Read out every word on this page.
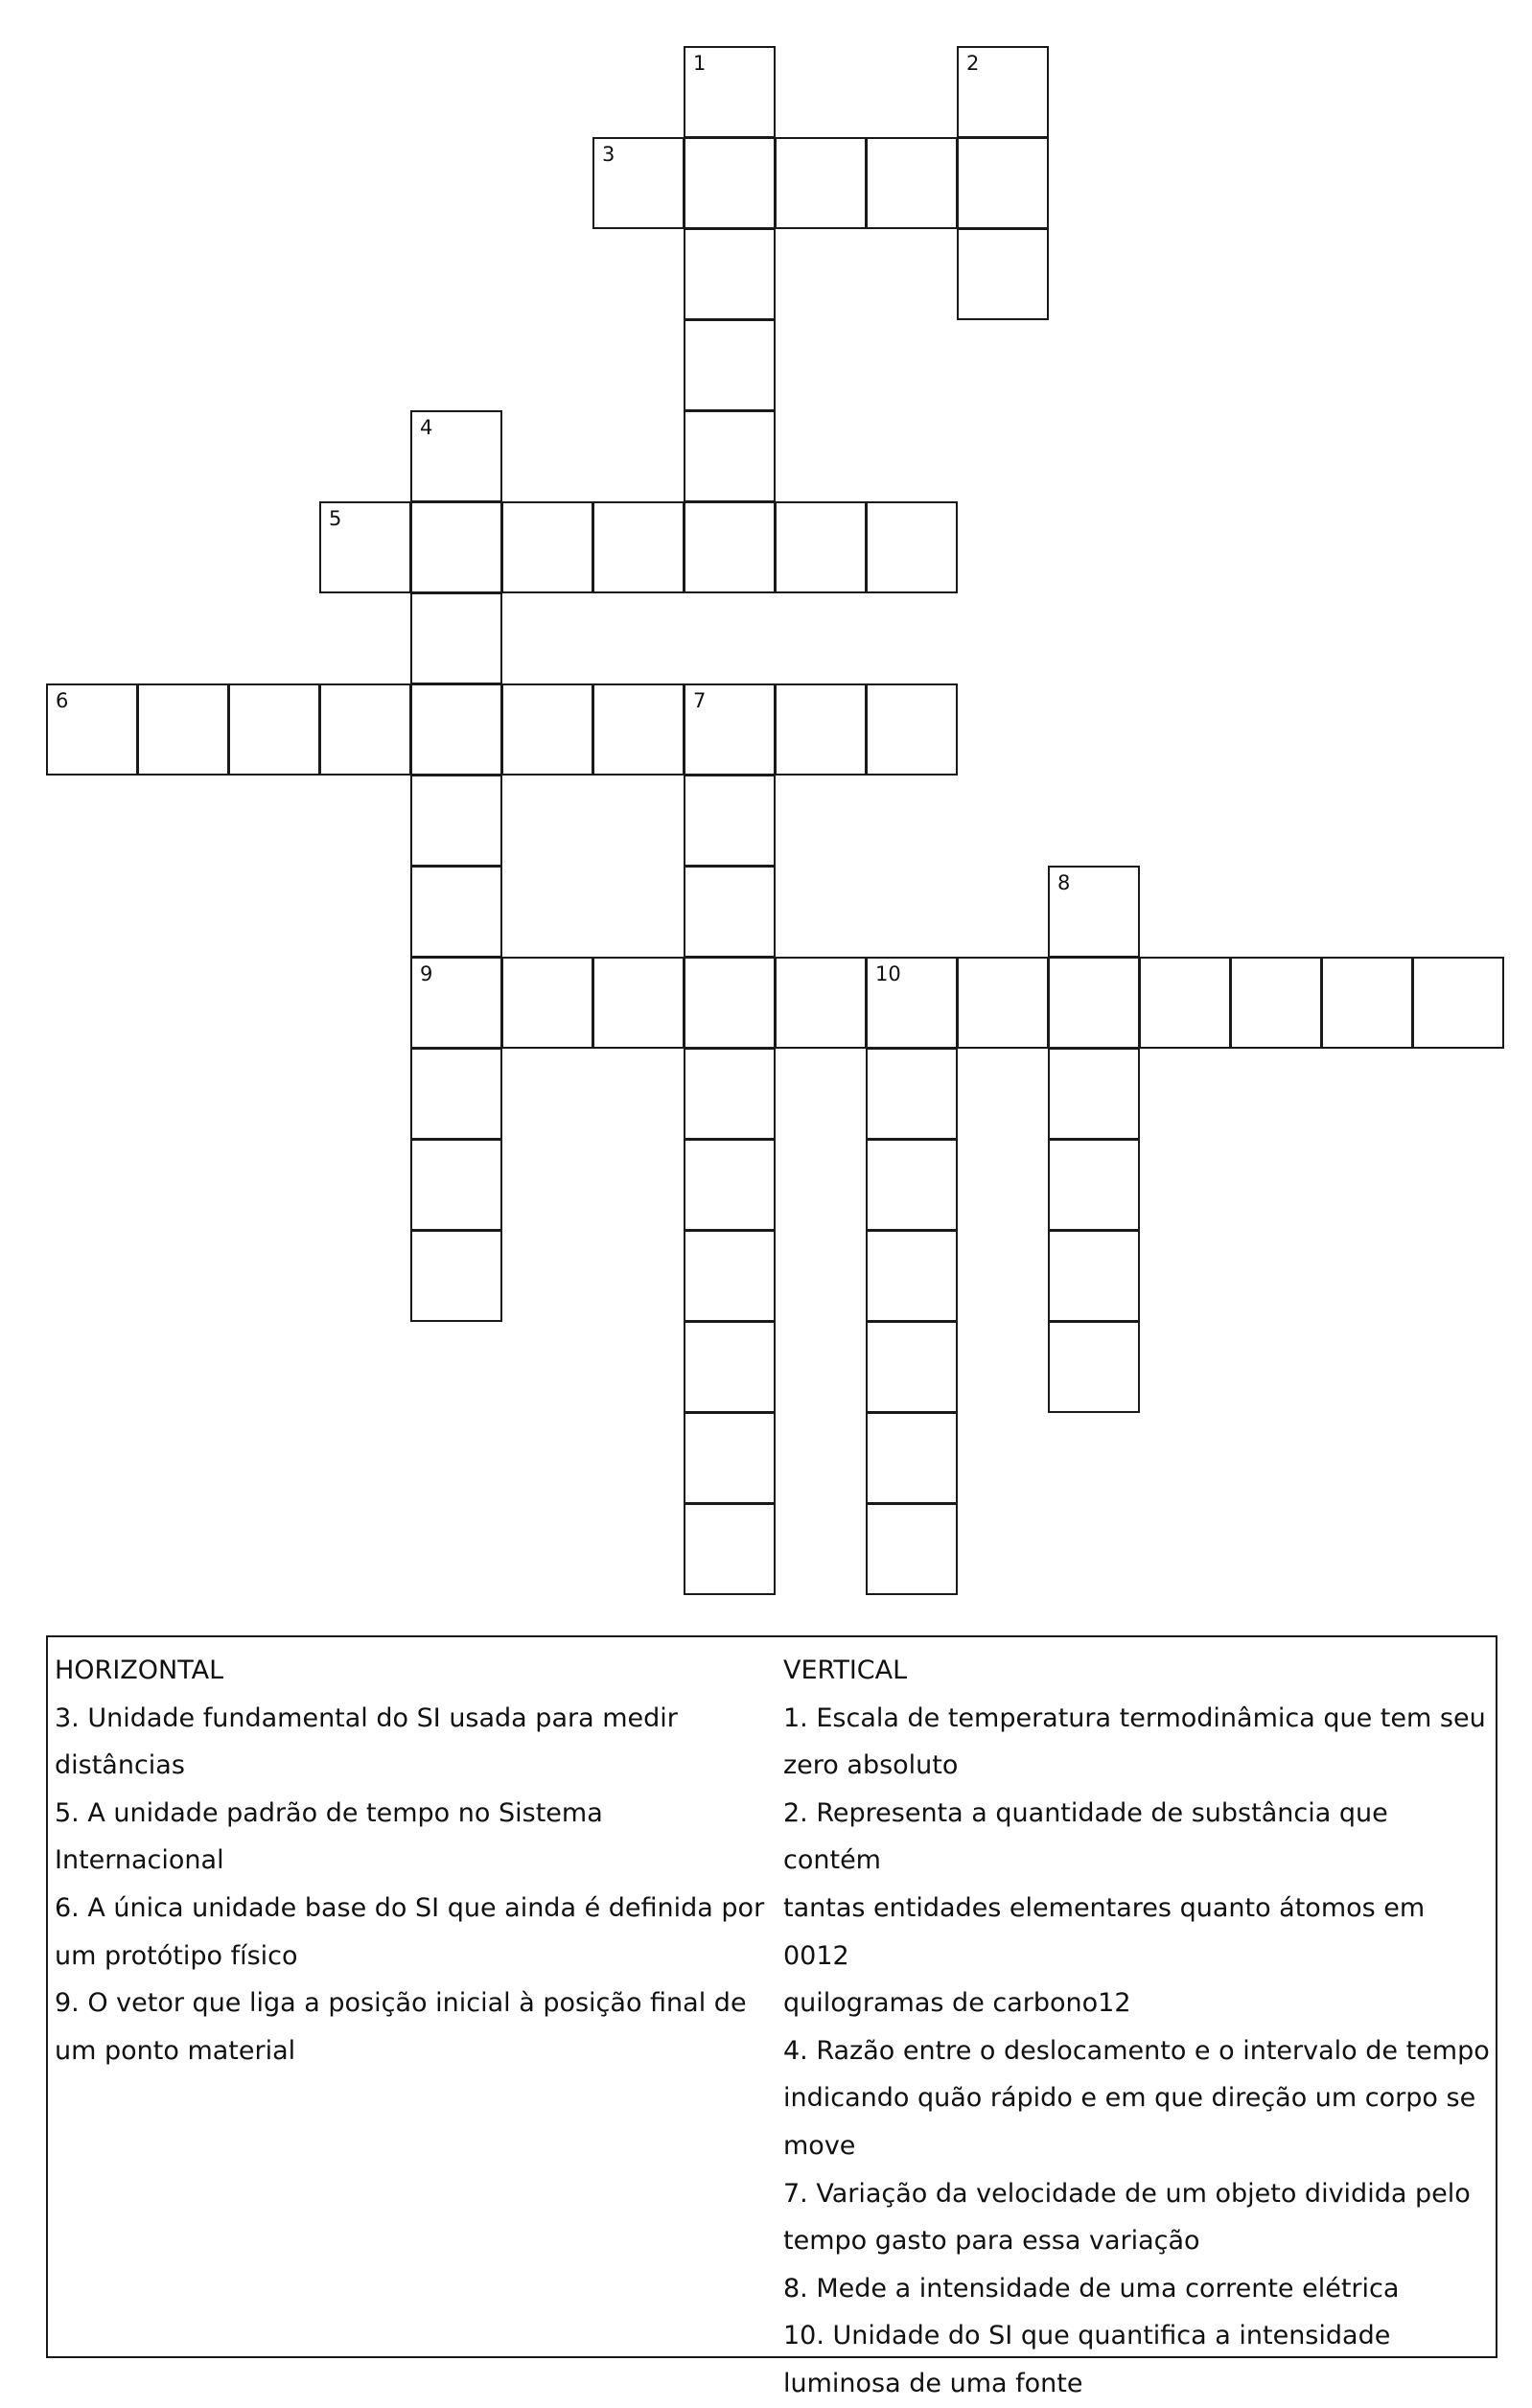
1	2
3
4
9
5
6	7
8
10

HORIZONTAL

3. Unidade fundamental do SI usada para medir

distâncias

5. A unidade padrão de tempo no Sistema

Internacional

6. A única unidade base do SI que ainda é definida por

um protótipo físico

9. O vetor que liga a posição inicial à posição final de

um ponto material

VERTICAL

1. Escala de temperatura termodinâmica que tem seu

zero absoluto

2. Representa a quantidade de substância que contém

tantas entidades elementares quanto átomos em 0012

quilogramas de carbono12

4. Razão entre o deslocamento e o intervalo de tempo

indicando quão rápido e em que direção um corpo se

move

7. Variação da velocidade de um objeto dividida pelo

tempo gasto para essa variação

8. Mede a intensidade de uma corrente elétrica

10. Unidade do SI que quantifica a intensidade

luminosa de uma fonte
